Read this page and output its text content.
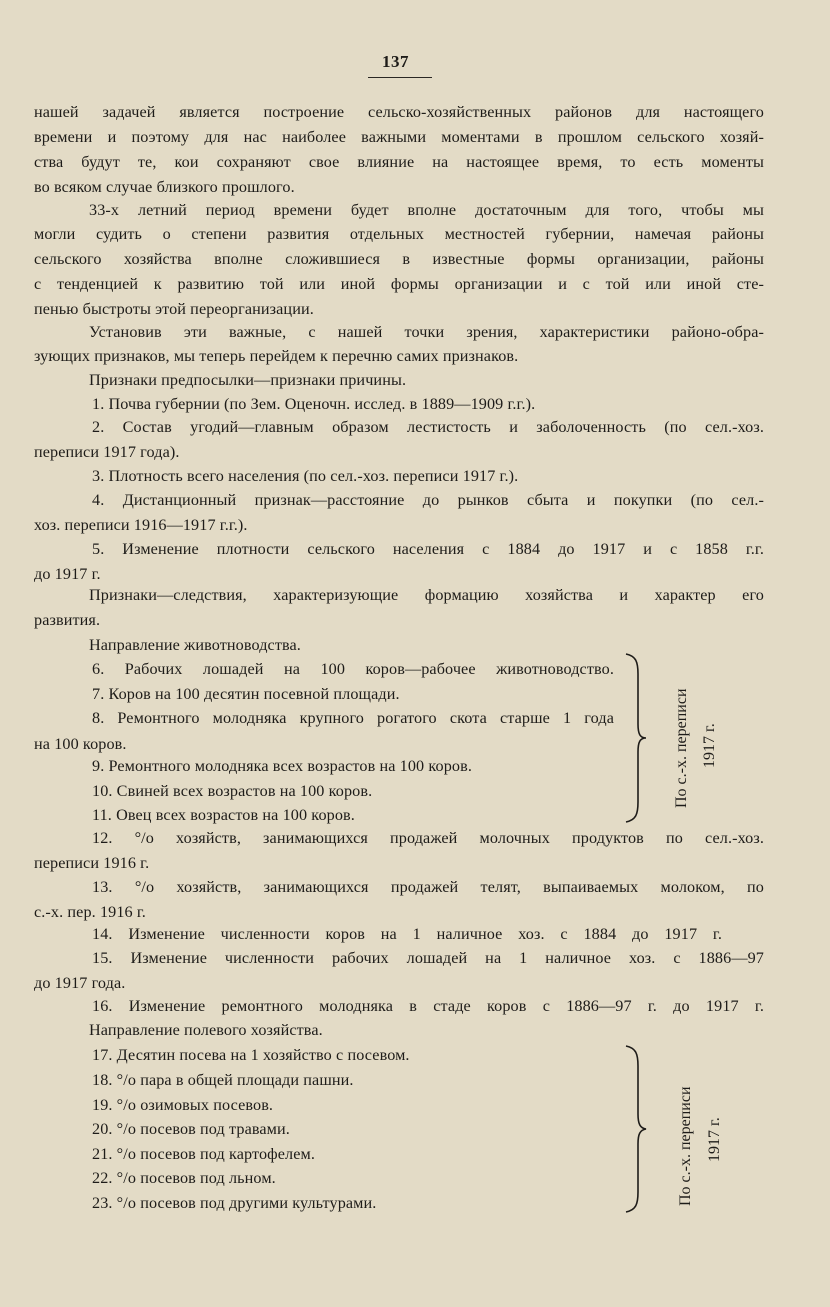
137
нашей задачей является построение сельско-хозяйственных районов для настоящего
времени и поэтому для нас наиболее важными моментами в прошлом сельского хозяй-
ства будут те, кои сохраняют свое влияние на настоящее время, то есть моменты
во всяком случае близкого прошлого.
33-х летний период времени будет вполне достаточным для того, чтобы мы
могли судить о степени развития отдельных местностей губернии, намечая районы
сельского хозяйства вполне сложившиеся в известные формы организации, районы
с тенденцией к развитию той или иной формы организации и с той или иной сте-
пенью быстроты этой переорганизации.
Установив эти важные, с нашей точки зрения, характеристики районо-обра-
зующих признаков, мы теперь перейдем к перечню самих признаков.
Признаки предпосылки—признаки причины.
1. Почва губернии (по Зем. Оценочн. исслед. в 1889—1909 г.г.).
2. Состав угодий—главным образом лестистость и заболоченность (по сел.-хоз.
переписи 1917 года).
3. Плотность всего населения (по сел.-хоз. переписи 1917 г.).
4. Дистанционный признак—расстояние до рынков сбыта и покупки (по сел.-
хоз. переписи 1916—1917 г.г.).
5. Изменение плотности сельского населения с 1884 до 1917 и с 1858 г.г.
до 1917 г.
Признаки—следствия, характеризующие формацию хозяйства и характер его
развития.
Направление животноводства.
6. Рабочих лошадей на 100 коров—рабочее животноводство.
7. Коров на 100 десятин посевной площади.
8. Ремонтного молодняка крупного рогатого скота старше 1 года
на 100 коров.
9. Ремонтного молодняка всех возрастов на 100 коров.
10. Свиней всех возрастов на 100 коров.
11. Овец всех возрастов на 100 коров.
12. °/о хозяйств, занимающихся продажей молочных продуктов по сел.-хоз.
переписи 1916 г.
13. °/о хозяйств, занимающихся продажей телят, выпаиваемых молоком, по
с.-х. пер. 1916 г.
14. Изменение численности коров на 1 наличное хоз. с 1884 до 1917 г.
15. Изменение численности рабочих лошадей на 1 наличное хоз. с 1886—97
до 1917 года.
16. Изменение ремонтного молодняка в стаде коров с 1886—97 г. до 1917 г.
Направление полевого хозяйства.
17. Десятин посева на 1 хозяйство с посевом.
18. °/о пара в общей площади пашни.
19. °/о озимовых посевов.
20. °/о посевов под травами.
21. °/о посевов под картофелем.
22. °/о посевов под льном.
23. °/о посевов под другими культурами.
По с.-х. переписи 1917 г.
По с.-х. переписи 1917 г.
